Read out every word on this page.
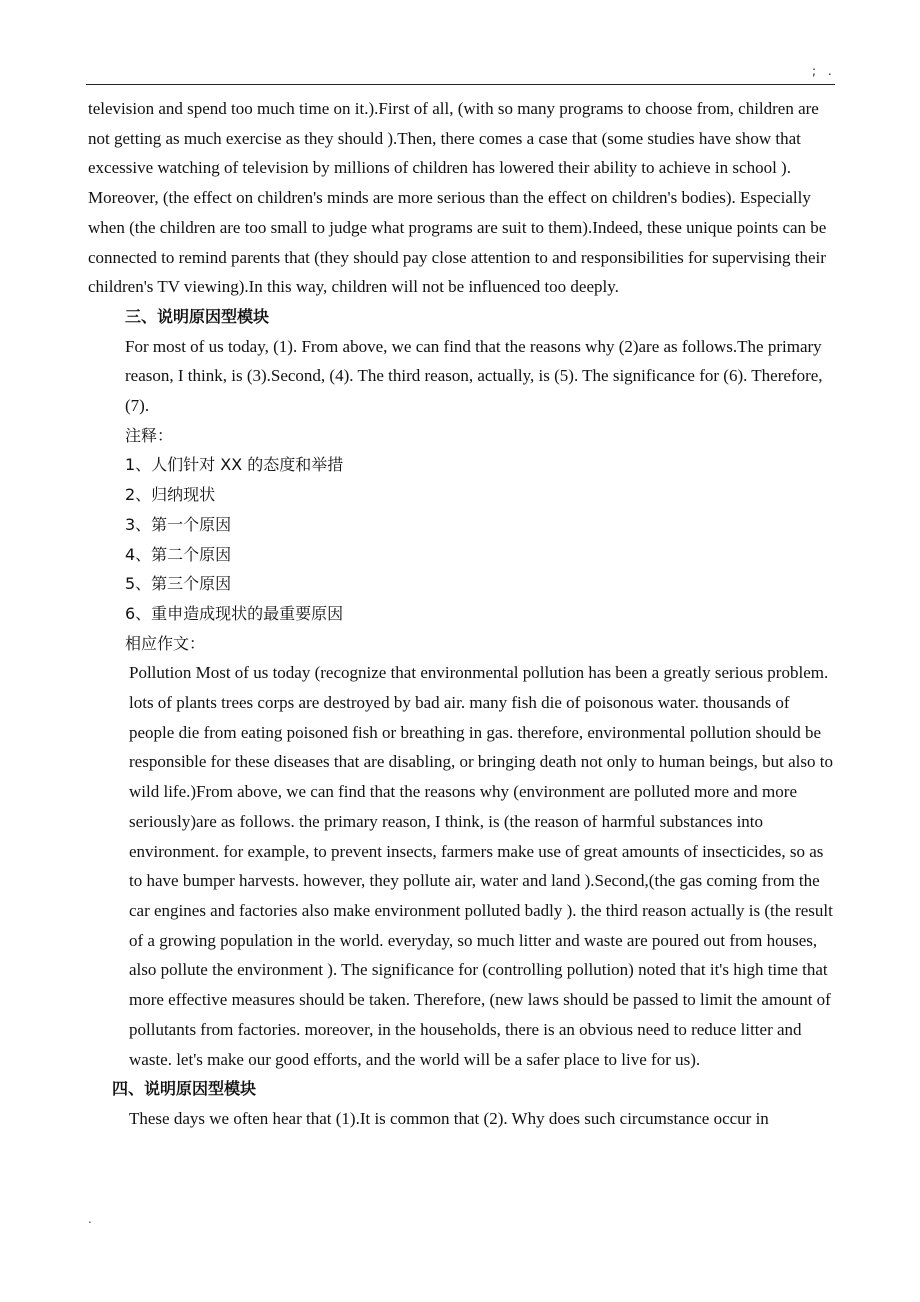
; .

television and spend too much time on it.).First of all, (with so many programs to choose from, children are not getting as much exercise as they should ).Then, there comes a case that (some studies have show that excessive watching of television by millions of children has lowered their ability to achieve in school ). Moreover, (the effect on children's minds are more serious than the effect on children's bodies). Especially when (the children are too small to judge what programs are suit to them).Indeed, these unique points can be connected to remind parents that (they should pay close attention to and responsibilities for supervising their children's TV viewing).In this way, children will not be influenced too deeply.

三、说明原因型模块

For most of us today, (1). From above, we can find that the reasons why (2)are as follows.The primary reason, I think, is (3).Second, (4). The third reason, actually, is (5). The significance for (6). Therefore, (7).

注释：

1、人们针对 XX 的态度和举措

2、归纳现状

3、第一个原因

4、第二个原因

5、第三个原因

6、重申造成现状的最重要原因

相应作文：

Pollution Most of us today (recognize that environmental pollution has been a greatly serious problem. lots of plants trees corps are destroyed by bad air. many fish die of poisonous water. thousands of people die from eating poisoned fish or breathing in gas. therefore, environmental pollution should be responsible for these diseases that are disabling, or bringing death not only to human beings, but also to wild life.)From above, we can find that the reasons why (environment are polluted more and more seriously)are as follows. the primary reason, I think, is (the reason of harmful substances into environment. for example, to prevent insects, farmers make use of great amounts of insecticides, so as to have bumper harvests. however, they pollute air, water and land ).Second,(the gas coming from the car engines and factories also make environment polluted badly ). the third reason actually is (the result of a growing population in the world. everyday, so much litter and waste are poured out from houses, also pollute the environment ). The significance for (controlling pollution) noted that it's high time that more effective measures should be taken. Therefore, (new laws should be passed to limit the amount of pollutants from factories. moreover, in the households, there is an obvious need to reduce litter and waste. let's make our good efforts, and the world will be a safer place to live for us).

四、说明原因型模块

These days we often hear that (1).It is common that (2). Why does such circumstance occur in

.
